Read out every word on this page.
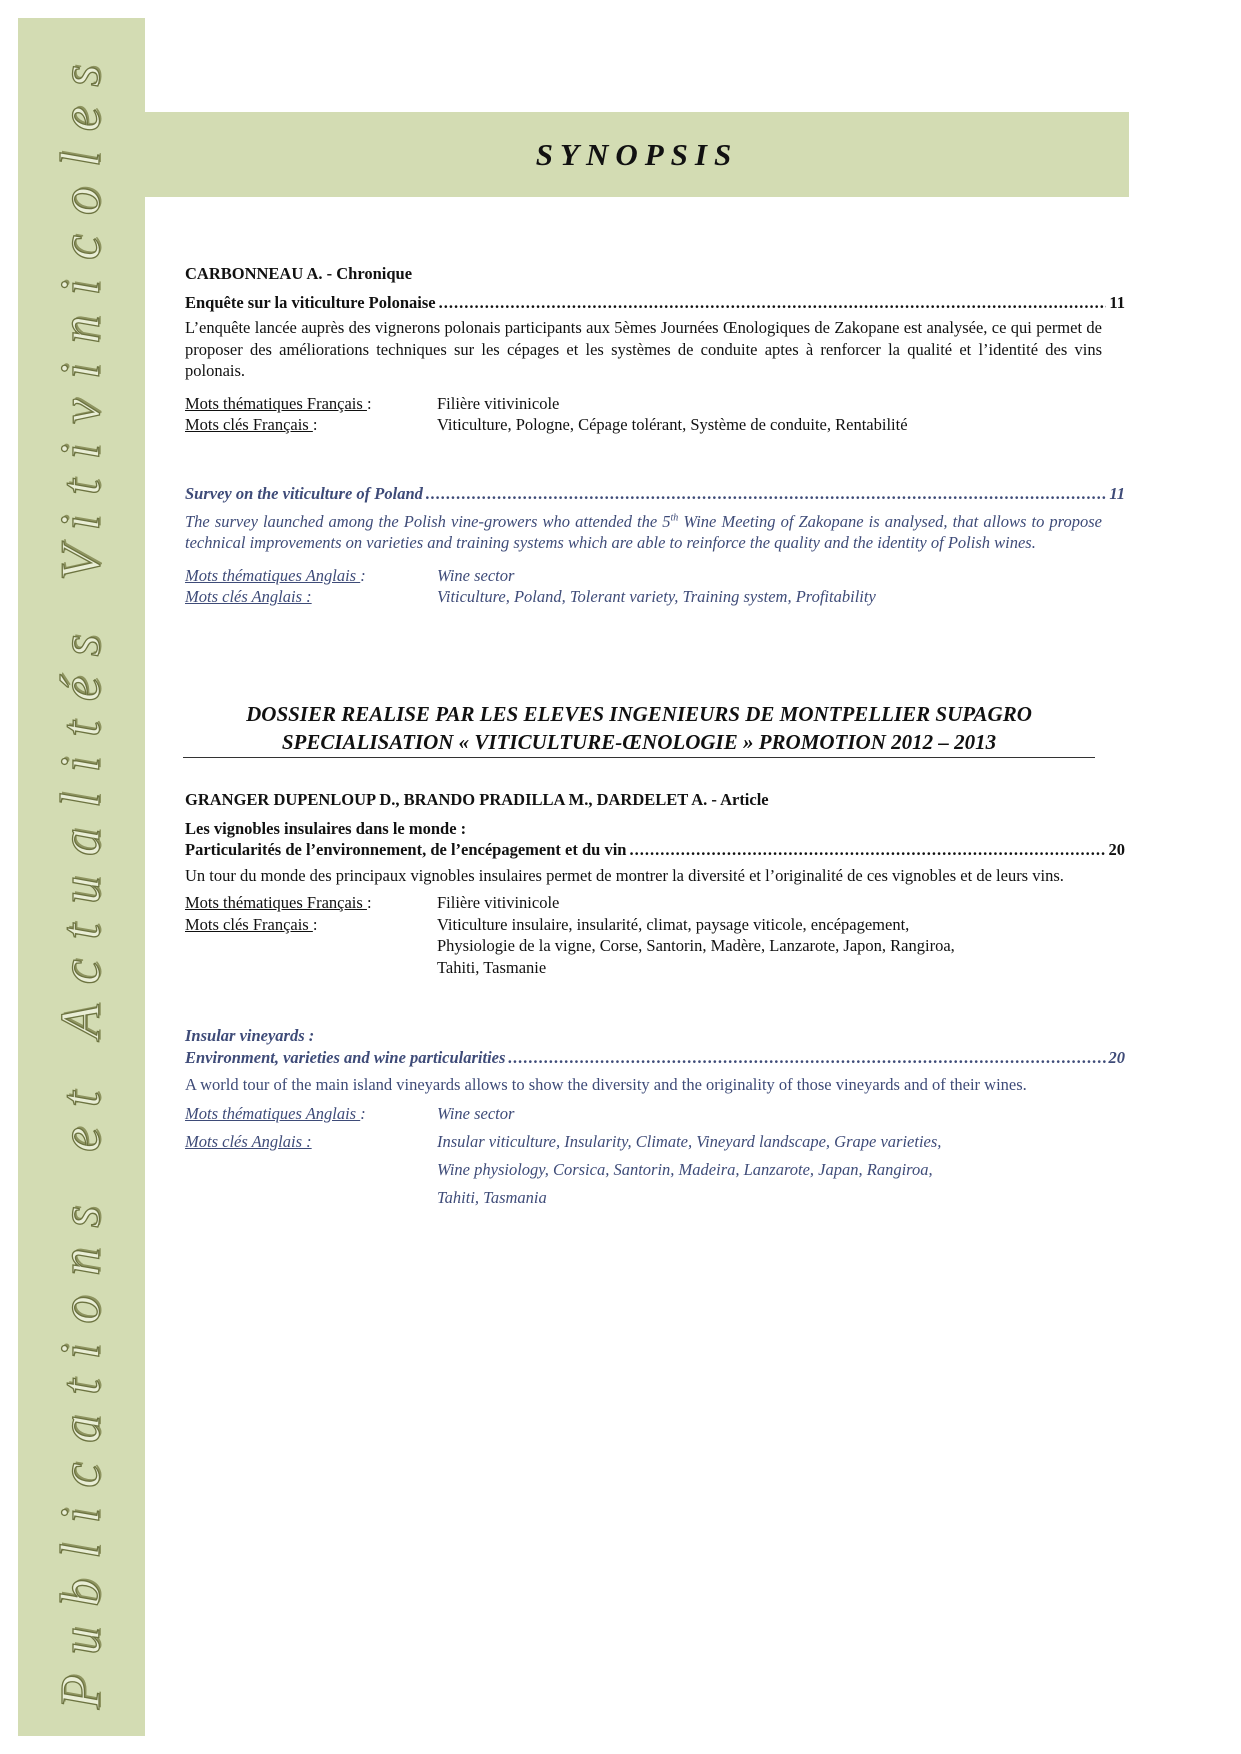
Publications et Actualités Vitivinicoles	SYNOPSIS
CARBONNEAU A. - Chronique
Enquête sur la viticulture Polonaise .....	11
L’enquête lancée auprès des vignerons polonais participants aux 5èmes Journées Œnologiques de Zakopane est analysée, ce qui permet de proposer des améliorations techniques sur les cépages et les systèmes de conduite aptes à renforcer la qualité et l’identité des vins polonais.
Mots thématiques Français :	Filière vitivinicole
Mots clés Français :	Viticulture, Pologne, Cépage tolérant, Système de conduite, Rentabilité
Survey on the viticulture of Poland .....	11
The survey launched among the Polish vine-growers who attended the 5th Wine Meeting of Zakopane is analysed, that allows to propose technical improvements on varieties and training systems which are able to reinforce the quality and the identity of Polish wines.
Mots thématiques Anglais :	Wine sector
Mots clés Anglais :	Viticulture, Poland, Tolerant variety, Training system, Profitability
DOSSIER REALISE PAR LES ELEVES INGENIEURS DE MONTPELLIER SUPAGRO
SPECIALISATION « VITICULTURE-ŒNOLOGIE » PROMOTION 2012 – 2013
GRANGER DUPENLOUP D., BRANDO PRADILLA M., DARDELET A. - Article
Les vignobles insulaires dans le monde :
Particularités de l’environnement, de l’encépagement et du vin .....	20
Un tour du monde des principaux vignobles insulaires permet de montrer la diversité et l’originalité de ces vignobles et de leurs vins.
Mots thématiques Français :	Filière vitivinicole
Mots clés Français :	Viticulture insulaire, insularité, climat, paysage viticole, encépagement,
Physiologie de la vigne, Corse, Santorin, Madère, Lanzarote, Japon, Rangiroa,
Tahiti, Tasmanie
Insular vineyards :
Environment, varieties and wine particularities .....	20
A world tour of the main island vineyards allows to show the diversity and the originality of those vineyards and of their wines.
Mots thématiques Anglais :	Wine sector
Mots clés Anglais :	Insular viticulture, Insularity, Climate, Vineyard landscape, Grape varieties,
Wine physiology, Corsica, Santorin, Madeira, Lanzarote, Japan, Rangiroa,
Tahiti, Tasmania
